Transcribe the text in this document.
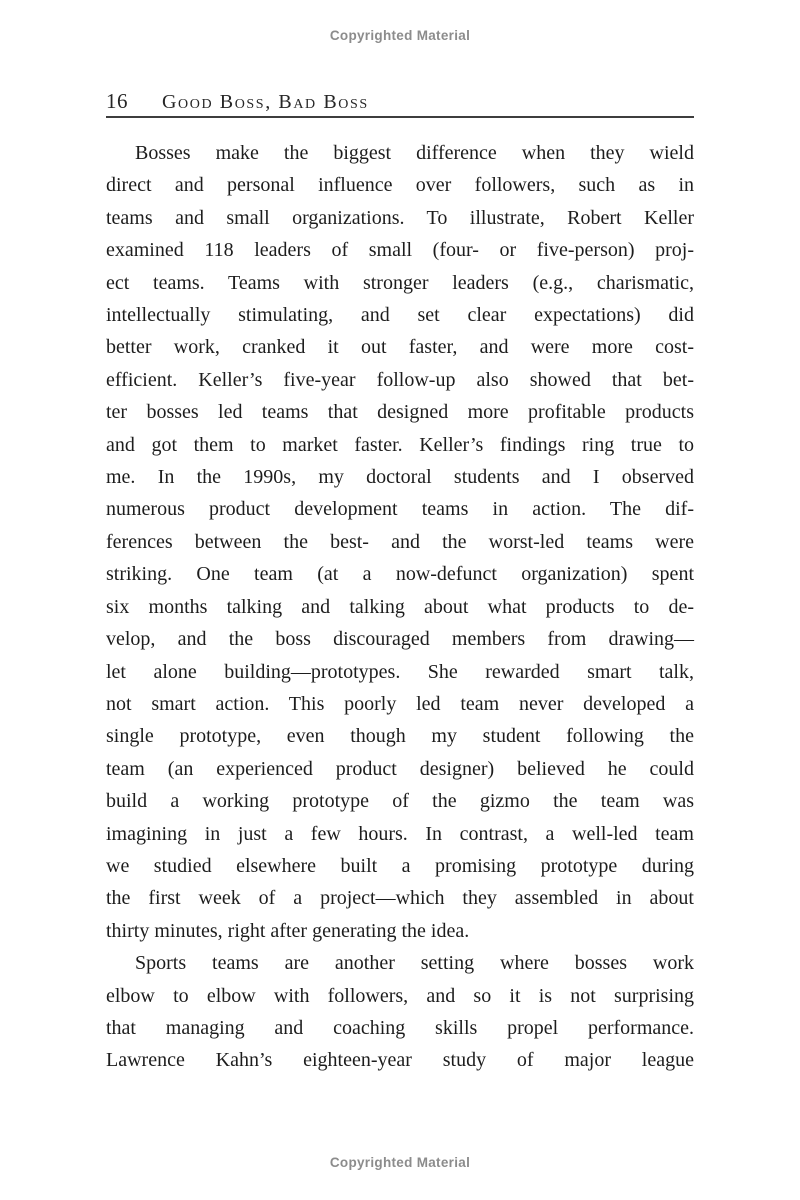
Copyrighted Material
16 Good Boss, Bad Boss
Bosses make the biggest difference when they wield
direct and personal influence over followers, such as in
teams and small organizations. To illustrate, Robert Keller
examined 118 leaders of small (four- or five-person) proj-
ect teams. Teams with stronger leaders (e.g., charismatic,
intellectually stimulating, and set clear expectations) did
better work, cranked it out faster, and were more cost-
efficient. Keller’s five-year follow-up also showed that bet-
ter bosses led teams that designed more profitable products
and got them to market faster. Keller’s findings ring true to
me. In the 1990s, my doctoral students and I observed
numerous product development teams in action. The dif-
ferences between the best- and the worst-led teams were
striking. One team (at a now-defunct organization) spent
six months talking and talking about what products to de-
velop, and the boss discouraged members from drawing—
let alone building—prototypes. She rewarded smart talk,
not smart action. This poorly led team never developed a
single prototype, even though my student following the
team (an experienced product designer) believed he could
build a working prototype of the gizmo the team was
imagining in just a few hours. In contrast, a well-led team
we studied elsewhere built a promising prototype during
the first week of a project—which they assembled in about
thirty minutes, right after generating the idea.
Sports teams are another setting where bosses work
elbow to elbow with followers, and so it is not surprising
that managing and coaching skills propel performance.
Lawrence Kahn’s eighteen-year study of major league
Copyrighted Material
